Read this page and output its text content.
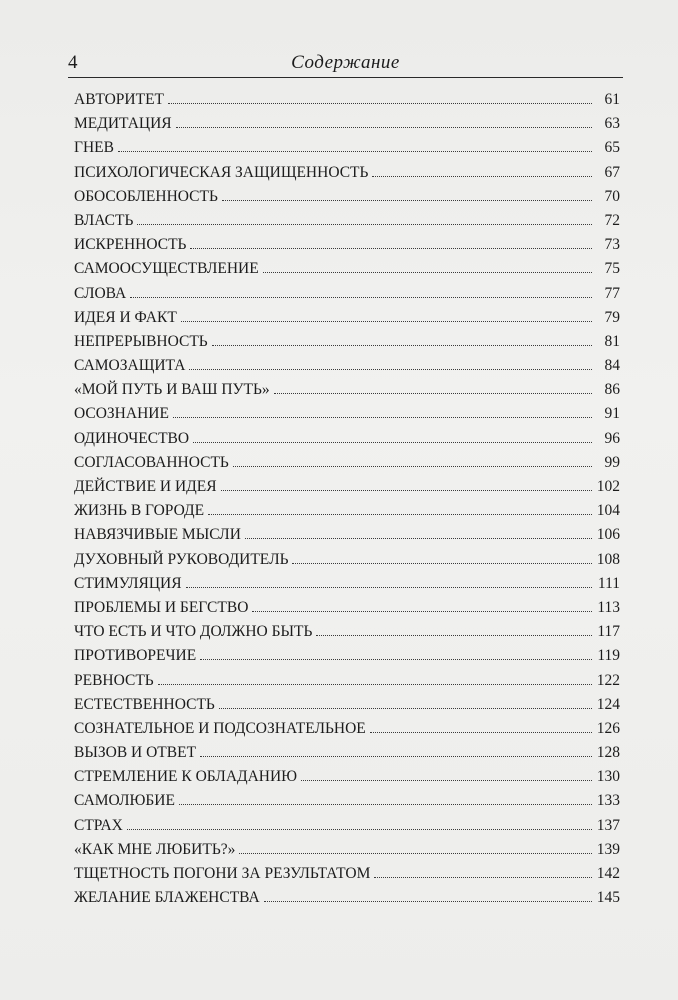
4	Содержание
АВТОРИТЕТ	61
МЕДИТАЦИЯ	63
ГНЕВ	65
ПСИХОЛОГИЧЕСКАЯ ЗАЩИЩЕННОСТЬ	67
ОБОСОБЛЕННОСТЬ	70
ВЛАСТЬ	72
ИСКРЕННОСТЬ	73
САМООСУЩЕСТВЛЕНИЕ	75
СЛОВА	77
ИДЕЯ И ФАКТ	79
НЕПРЕРЫВНОСТЬ	81
САМОЗАЩИТА	84
«МОЙ ПУТЬ И ВАШ ПУТЬ»	86
ОСОЗНАНИЕ	91
ОДИНОЧЕСТВО	96
СОГЛАСОВАННОСТЬ	99
ДЕЙСТВИЕ И ИДЕЯ	102
ЖИЗНЬ В ГОРОДЕ	104
НАВЯЗЧИВЫЕ МЫСЛИ	106
ДУХОВНЫЙ РУКОВОДИТЕЛЬ	108
СТИМУЛЯЦИЯ	111
ПРОБЛЕМЫ И БЕГСТВО	113
ЧТО ЕСТЬ И ЧТО ДОЛЖНО БЫТЬ	117
ПРОТИВОРЕЧИЕ	119
РЕВНОСТЬ	122
ЕСТЕСТВЕННОСТЬ	124
СОЗНАТЕЛЬНОЕ И ПОДСОЗНАТЕЛЬНОЕ	126
ВЫЗОВ И ОТВЕТ	128
СТРЕМЛЕНИЕ К ОБЛАДАНИЮ	130
САМОЛЮБИЕ	133
СТРАХ	137
«КАК МНЕ ЛЮБИТЬ?»	139
ТЩЕТНОСТЬ ПОГОНИ ЗА РЕЗУЛЬТАТОМ	142
ЖЕЛАНИЕ БЛАЖЕНСТВА	145
